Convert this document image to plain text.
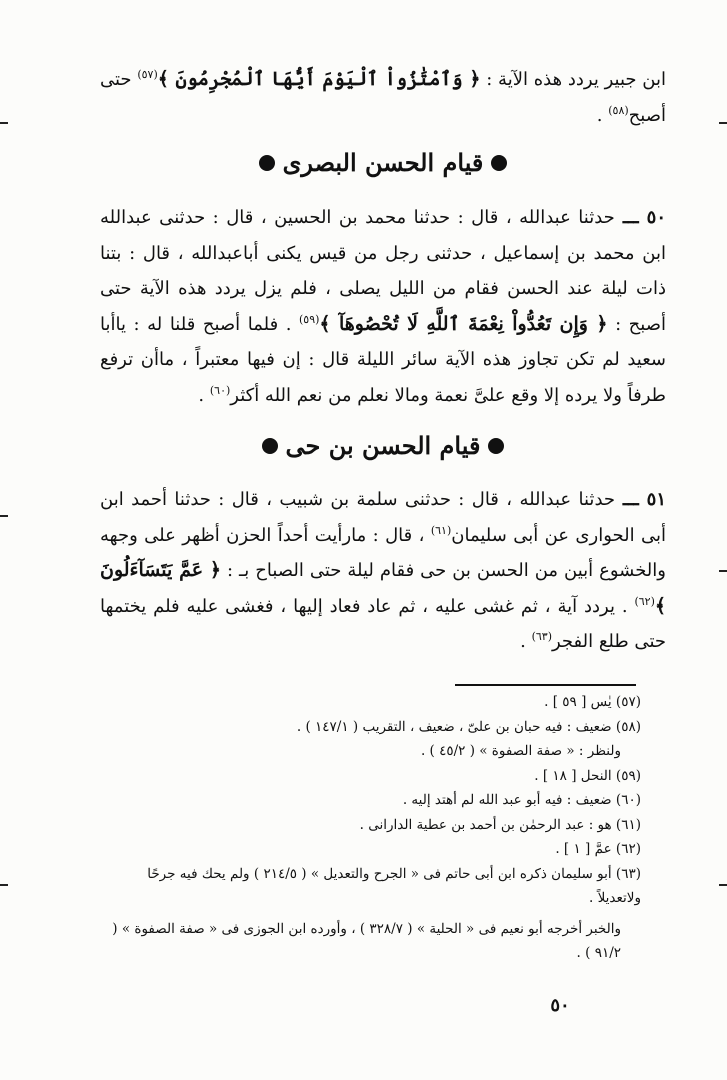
ابن جبير يردد هذه الآية : ﴿ وَٱمْتَٰزُواْ ٱلْيَوْمَ أَيُّهَا ٱلْمُجْرِمُونَ ﴾$^{(٥٧)}$ حتى أصبح$^{(٥٨)}$ .
قيام الحسن البصرى
٥٠ ـــ حدثنا عبدالله ، قال : حدثنا محمد بن الحسين ، قال : حدثنى عبدالله ابن محمد بن إسماعيل ، حدثنى رجل من قيس يكنى أباعبدالله ، قال : بتنا ذات ليلة عند الحسن فقام من الليل يصلى ، فلم يزل يردد هذه الآية حتى أصبح : ﴿ وَإِن تَعُدُّواْ نِعْمَةَ ٱللَّهِ لَا تُحْصُوهَآ ﴾$^{(٥٩)}$ . فلما أصبح قلنا له : ياأبا سعيد لم تكن تجاوز هذه الآية سائر الليلة قال : إن فيها معتبراً ، ماأن ترفع طرفاً ولا يرده إلا وقع علىَّ نعمة ومالا نعلم من نعم الله أكثر$^{(٦٠)}$ .
قيام الحسن بن حى
٥١ ـــ حدثنا عبدالله ، قال : حدثنى سلمة بن شبيب ، قال : حدثنا أحمد ابن أبى الحوارى عن أبى سليمان$^{(٦١)}$ ، قال : مارأيت أحداً الحزن أظهر على وجهه والخشوع أبين من الحسن بن حى فقام ليلة حتى الصباح بـ : ﴿ عَمَّ يَتَسَآءَلُونَ ﴾$^{(٦٢)}$ . يردد آية ، ثم غشى عليه ، ثم عاد فعاد إليها ، فغشى عليه فلم يختمها حتى طلع الفجر$^{(٦٣)}$ .
(٥٧) يٰس [ ٥٩ ] .
(٥٨) ضعيف : فيه حبان بن علىّ ، ضعيف ، التقريب ( ١٤٧/١ ) .
ولنظر : « صفة الصفوة » ( ٤٥/٢ ) .
(٥٩) النحل [ ١٨ ] .
(٦٠) ضعيف : فيه أبو عبد الله لم أهتد إليه .
(٦١) هو : عبد الرحمٰن بن أحمد بن عطية الدارانى .
(٦٢) عمَّ [ ١ ] .
(٦٣) أبو سليمان ذكره ابن أبى حاتم فى « الجرح والتعديل » ( ٢١٤/٥ ) ولم يحك فيه جرحًا ولاتعديلاً .
والخبر أخرجه أبو نعيم فى « الحلية » ( ٣٢٨/٧ ) ، وأورده ابن الجوزى فى « صفة الصفوة » ( ٩١/٢ ) .
٥٠
